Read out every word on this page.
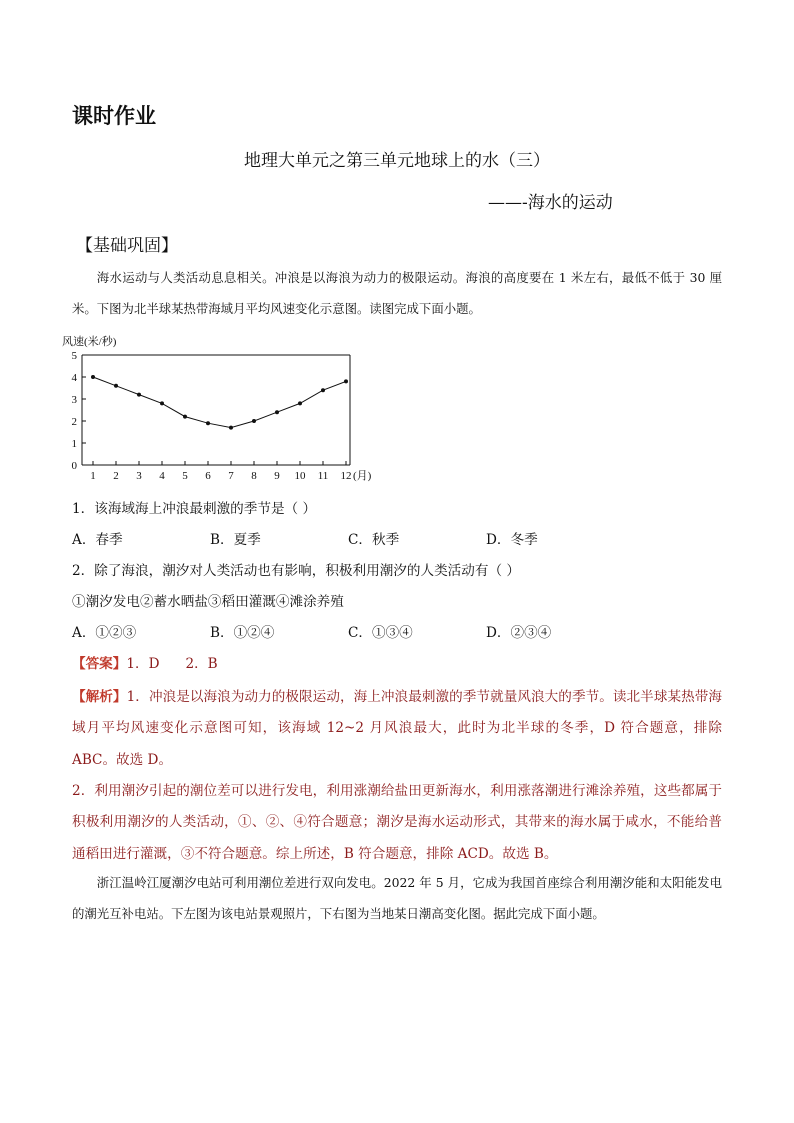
课时作业
地理大单元之第三单元地球上的水（三）
——-海水的运动
【基础巩固】
海水运动与人类活动息息相关。冲浪是以海浪为动力的极限运动。海浪的高度要在 1 米左右，最低不低于 30 厘米。下图为北半球某热带海域月平均风速变化示意图。读图完成下面小题。
风速(米/秒)
0
1
2
3
4
5
1 2 3 4 5 6 7 8 9 10 11 12 (月)
1．该海域海上冲浪最刺激的季节是（ ）
A．春季	B．夏季	C．秋季	D．冬季
2．除了海浪，潮汐对人类活动也有影响，积极利用潮汐的人类活动有（ ）
①潮汐发电②蓄水晒盐③稻田灌溉④滩涂养殖
A．①②③	B．①②④	C．①③④	D．②③④
【答案】1．D      2．B
【解析】1．冲浪是以海浪为动力的极限运动，海上冲浪最刺激的季节就量风浪大的季节。读北半球某热带海域月平均风速变化示意图可知，该海域 12~2 月风浪最大，此时为北半球的冬季，D 符合题意，排除 ABC。故选 D。
2．利用潮汐引起的潮位差可以进行发电，利用涨潮给盐田更新海水，利用涨落潮进行滩涂养殖，这些都属于积极利用潮汐的人类活动，①、②、④符合题意；潮汐是海水运动形式，其带来的海水属于咸水，不能给普通稻田进行灌溉，③不符合题意。综上所述，B 符合题意，排除 ACD。故选 B。
浙江温岭江厦潮汐电站可利用潮位差进行双向发电。2022 年 5 月，它成为我国首座综合利用潮汐能和太阳能发电的潮光互补电站。下左图为该电站景观照片，下右图为当地某日潮高变化图。据此完成下面小题。
